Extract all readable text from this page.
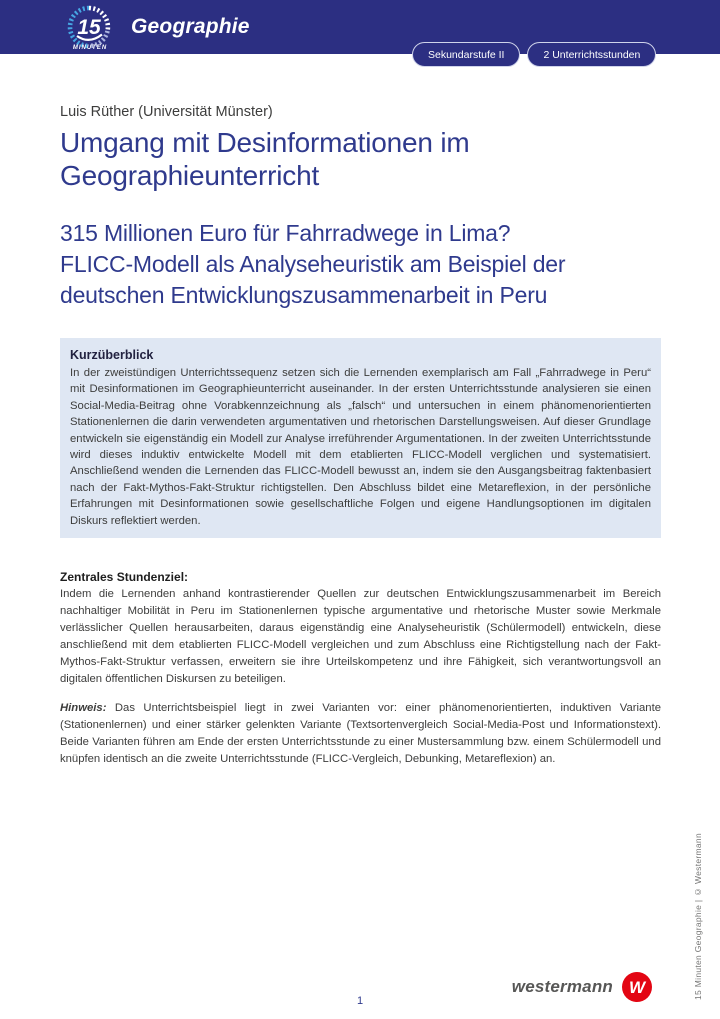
15
MINUTEN
Geographie
Sekundarstufe II	2 Unterrichtsstunden
Luis Rüther (Universität Münster)
Umgang mit Desinformationen im Geographieunterricht
315 Millionen Euro für Fahrradwege in Lima?
FLICC-Modell als Analyseheuristik am Beispiel der deutschen Entwicklungszusammenarbeit in Peru
Kurzüberblick
In der zweistündigen Unterrichtssequenz setzen sich die Lernenden exemplarisch am Fall „Fahrradwege in Peru“ mit Desinformationen im Geographieunterricht auseinander. In der ersten Unterrichtsstunde analysieren sie einen Social-Media-Beitrag ohne Vorabkennzeichnung als „falsch“ und untersuchen in einem phänomenorientierten Stationenlernen die darin verwendeten argumentativen und rhetorischen Darstellungsweisen. Auf dieser Grundlage entwickeln sie eigenständig ein Modell zur Analyse irreführender Argumentationen. In der zweiten Unterrichtsstunde wird dieses induktiv entwickelte Modell mit dem etablierten FLICC-Modell verglichen und systematisiert. Anschließend wenden die Lernenden das FLICC-Modell bewusst an, indem sie den Ausgangsbeitrag faktenbasiert nach der Fakt-Mythos-Fakt-Struktur richtigstellen. Den Abschluss bildet eine Metareflexion, in der persönliche Erfahrungen mit Desinformationen sowie gesellschaftliche Folgen und eigene Handlungsoptionen im digitalen Diskurs reflektiert werden.
Zentrales Stundenziel:
Indem die Lernenden anhand kontrastierender Quellen zur deutschen Entwicklungszusammenarbeit im Bereich nachhaltiger Mobilität in Peru im Stationenlernen typische argumentative und rhetorische Muster sowie Merkmale verlässlicher Quellen herausarbeiten, daraus eigenständig eine Analyseheuristik (Schülermodell) entwickeln, diese anschließend mit dem etablierten FLICC-Modell vergleichen und zum Abschluss eine Richtigstellung nach der Fakt-Mythos-Fakt-Struktur verfassen, erweitern sie ihre Urteilskompetenz und ihre Fähigkeit, sich verantwortungsvoll an digitalen öffentlichen Diskursen zu beteiligen.
Hinweis: Das Unterrichtsbeispiel liegt in zwei Varianten vor: einer phänomenorientierten, induktiven Variante (Stationenlernen) und einer stärker gelenkten Variante (Textsortenvergleich Social-Media-Post und Informationstext). Beide Varianten führen am Ende der ersten Unterrichtsstunde zu einer Mustersammlung bzw. einem Schülermodell und knüpfen identisch an die zweite Unterrichtsstunde (FLICC-Vergleich, Debunking, Metareflexion) an.
westermann W
1
15 Minuten Geographie | © Westermann
